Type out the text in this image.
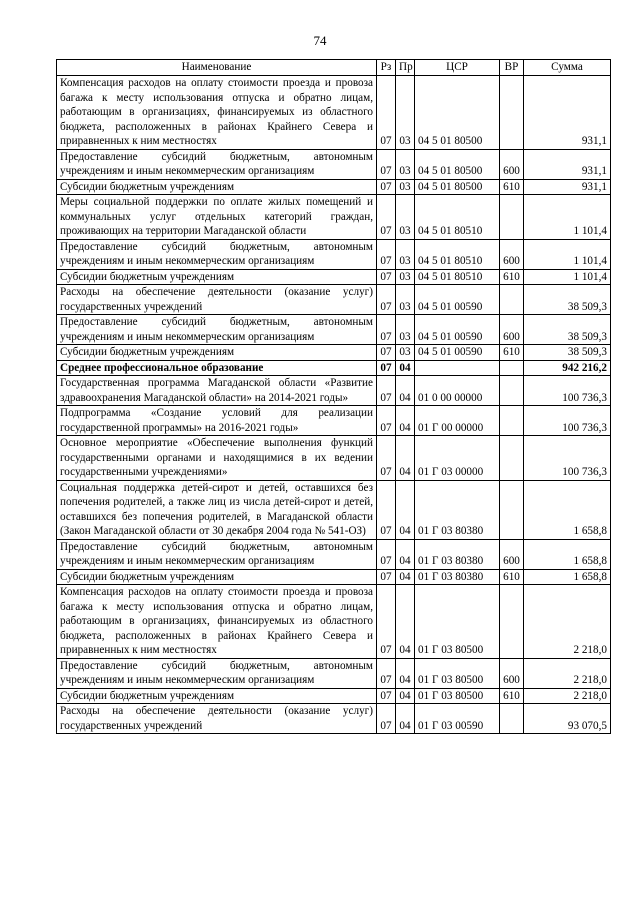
74
Наименование	Рз	Пр	ЦСР	ВР	Сумма
Компенсация расходов на оплату стоимости проезда и провоза багажа к месту использования отпуска и обратно лицам, работающим в организациях, финансируемых из областного бюджета, расположенных в районах Крайнего Севера и приравненных к ним местностях	07	03	04 5 01 80500		931,1
Предоставление субсидий бюджетным, автономным учреждениям и иным некоммерческим организациям	07	03	04 5 01 80500	600	931,1
Субсидии бюджетным учреждениям	07	03	04 5 01 80500	610	931,1
Меры социальной поддержки по оплате жилых помещений и коммунальных услуг отдельных категорий граждан, проживающих на территории Магаданской области	07	03	04 5 01 80510		1 101,4
Предоставление субсидий бюджетным, автономным учреждениям и иным некоммерческим организациям	07	03	04 5 01 80510	600	1 101,4
Субсидии бюджетным учреждениям	07	03	04 5 01 80510	610	1 101,4
Расходы на обеспечение деятельности (оказание услуг) государственных учреждений	07	03	04 5 01 00590		38 509,3
Предоставление субсидий бюджетным, автономным учреждениям и иным некоммерческим организациям	07	03	04 5 01 00590	600	38 509,3
Субсидии бюджетным учреждениям	07	03	04 5 01 00590	610	38 509,3
Среднее профессиональное образование	07	04			942 216,2
Государственная программа Магаданской области «Развитие здравоохранения Магаданской области» на 2014-2021 годы»	07	04	01 0 00 00000		100 736,3
Подпрограмма «Создание условий для реализации государственной программы» на 2016-2021 годы»	07	04	01 Г 00 00000		100 736,3
Основное мероприятие «Обеспечение выполнения функций государственными органами и находящимися в их ведении государственными учреждениями»	07	04	01 Г 03 00000		100 736,3
Социальная поддержка детей-сирот и детей, оставшихся без попечения родителей, а также лиц из числа детей-сирот и детей, оставшихся без попечения родителей, в Магаданской области (Закон Магаданской области от 30 декабря 2004 года № 541-ОЗ)	07	04	01 Г 03 80380		1 658,8
Предоставление субсидий бюджетным, автономным учреждениям и иным некоммерческим организациям	07	04	01 Г 03 80380	600	1 658,8
Субсидии бюджетным учреждениям	07	04	01 Г 03 80380	610	1 658,8
Компенсация расходов на оплату стоимости проезда и провоза багажа к месту использования отпуска и обратно лицам, работающим в организациях, финансируемых из областного бюджета, расположенных в районах Крайнего Севера и приравненных к ним местностях	07	04	01 Г 03 80500		2 218,0
Предоставление субсидий бюджетным, автономным учреждениям и иным некоммерческим организациям	07	04	01 Г 03 80500	600	2 218,0
Субсидии бюджетным учреждениям	07	04	01 Г 03 80500	610	2 218,0
Расходы на обеспечение деятельности (оказание услуг) государственных учреждений	07	04	01 Г 03 00590		93 070,5
